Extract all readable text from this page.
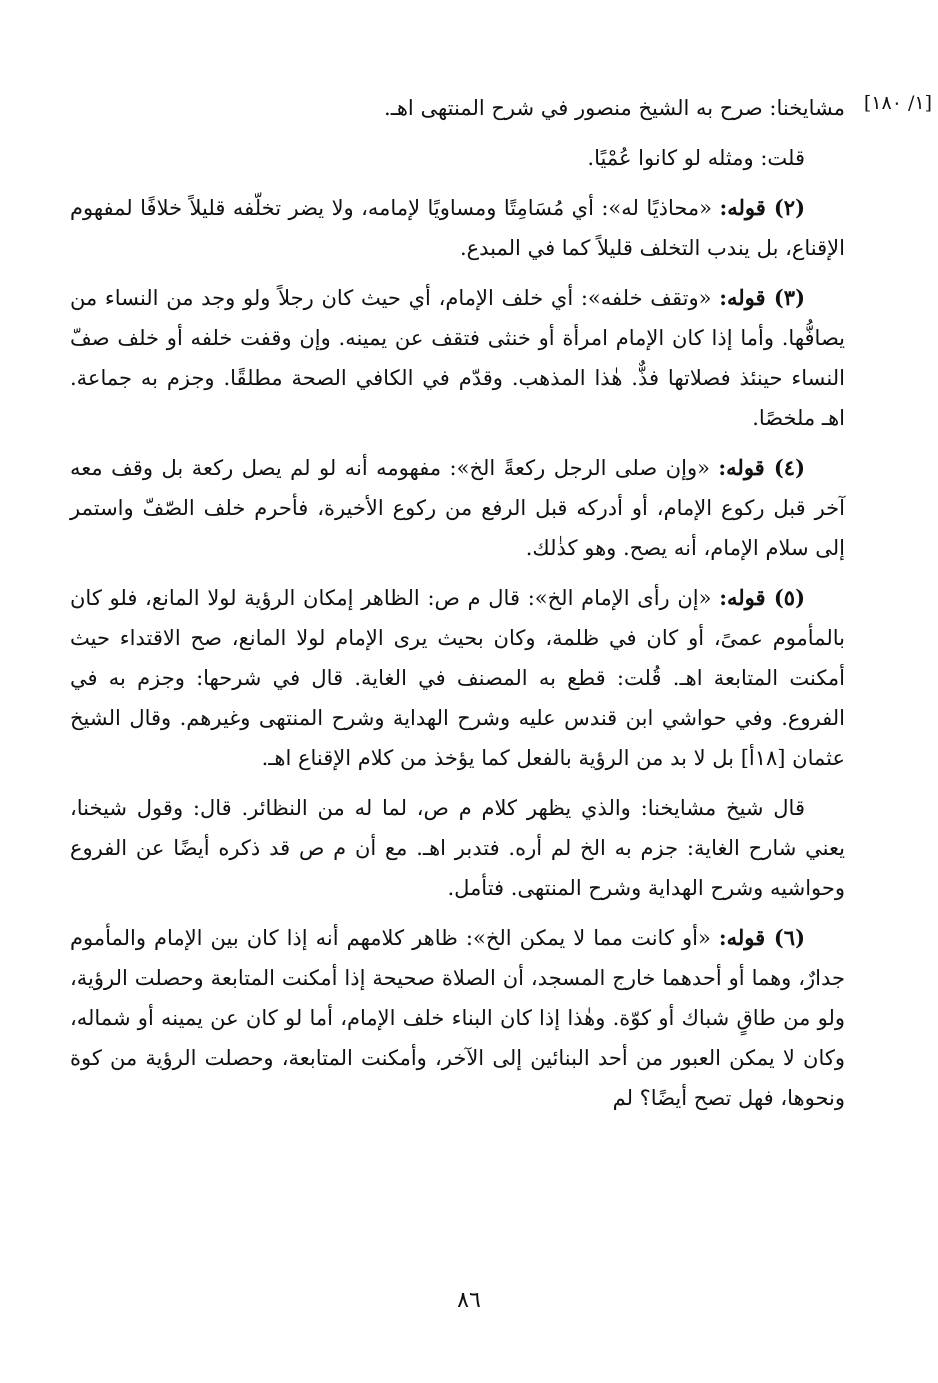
[١/ ١٨٠]

مشايخنا: صرح به الشيخ منصور في شرح المنتهى اهـ.

قلت: ومثله لو كانوا عُمْيًا.

(٢) قوله: «محاذيًا له»: أي مُسَامِتًا ومساويًا لإمامه، ولا يضر تخلّفه قليلاً خلافًا لمفهوم الإقناع، بل يندب التخلف قليلاً كما في المبدع.

(٣) قوله: «وتقف خلفه»: أي خلف الإمام، أي حيث كان رجلاً ولو وجد من النساء من يصافُّها. وأما إذا كان الإمام امرأة أو خنثى فتقف عن يمينه. وإن وقفت خلفه أو خلف صفّ النساء حينئذ فصلاتها فذٌّ. هٰذا المذهب. وقدّم في الكافي الصحة مطلقًا. وجزم به جماعة. اهـ ملخصًا.

(٤) قوله: «وإن صلى الرجل ركعةً الخ»: مفهومه أنه لو لم يصل ركعة بل وقف معه آخر قبل ركوع الإمام، أو أدركه قبل الرفع من ركوع الأخيرة، فأحرم خلف الصّفّ واستمر إلى سلام الإمام، أنه يصح. وهو كذٰلك.

(٥) قوله: «إن رأى الإمام الخ»: قال م ص: الظاهر إمكان الرؤية لولا المانع، فلو كان بالمأموم عمىً، أو كان في ظلمة، وكان بحيث يرى الإمام لولا المانع، صح الاقتداء حيث أمكنت المتابعة اهـ. قُلت: قطع به المصنف في الغاية. قال في شرحها: وجزم به في الفروع. وفي حواشي ابن قندس عليه وشرح الهداية وشرح المنتهى وغيرهم. وقال الشيخ عثمان [١٨أ] بل لا بد من الرؤية بالفعل كما يؤخذ من كلام الإقناع اهـ.

قال شيخ مشايخنا: والذي يظهر كلام م ص، لما له من النظائر. قال: وقول شيخنا، يعني شارح الغاية: جزم به الخ لم أره. فتدبر اهـ. مع أن م ص قد ذكره أيضًا عن الفروع وحواشيه وشرح الهداية وشرح المنتهى. فتأمل.

(٦) قوله: «أو كانت مما لا يمكن الخ»: ظاهر كلامهم أنه إذا كان بين الإمام والمأموم جدارٌ، وهما أو أحدهما خارج المسجد، أن الصلاة صحيحة إذا أمكنت المتابعة وحصلت الرؤية، ولو من طاقٍ شباك أو كوّة. وهٰذا إذا كان البناء خلف الإمام، أما لو كان عن يمينه أو شماله، وكان لا يمكن العبور من أحد البنائين إلى الآخر، وأمكنت المتابعة، وحصلت الرؤية من كوة ونحوها، فهل تصح أيضًا؟ لم

٨٦
